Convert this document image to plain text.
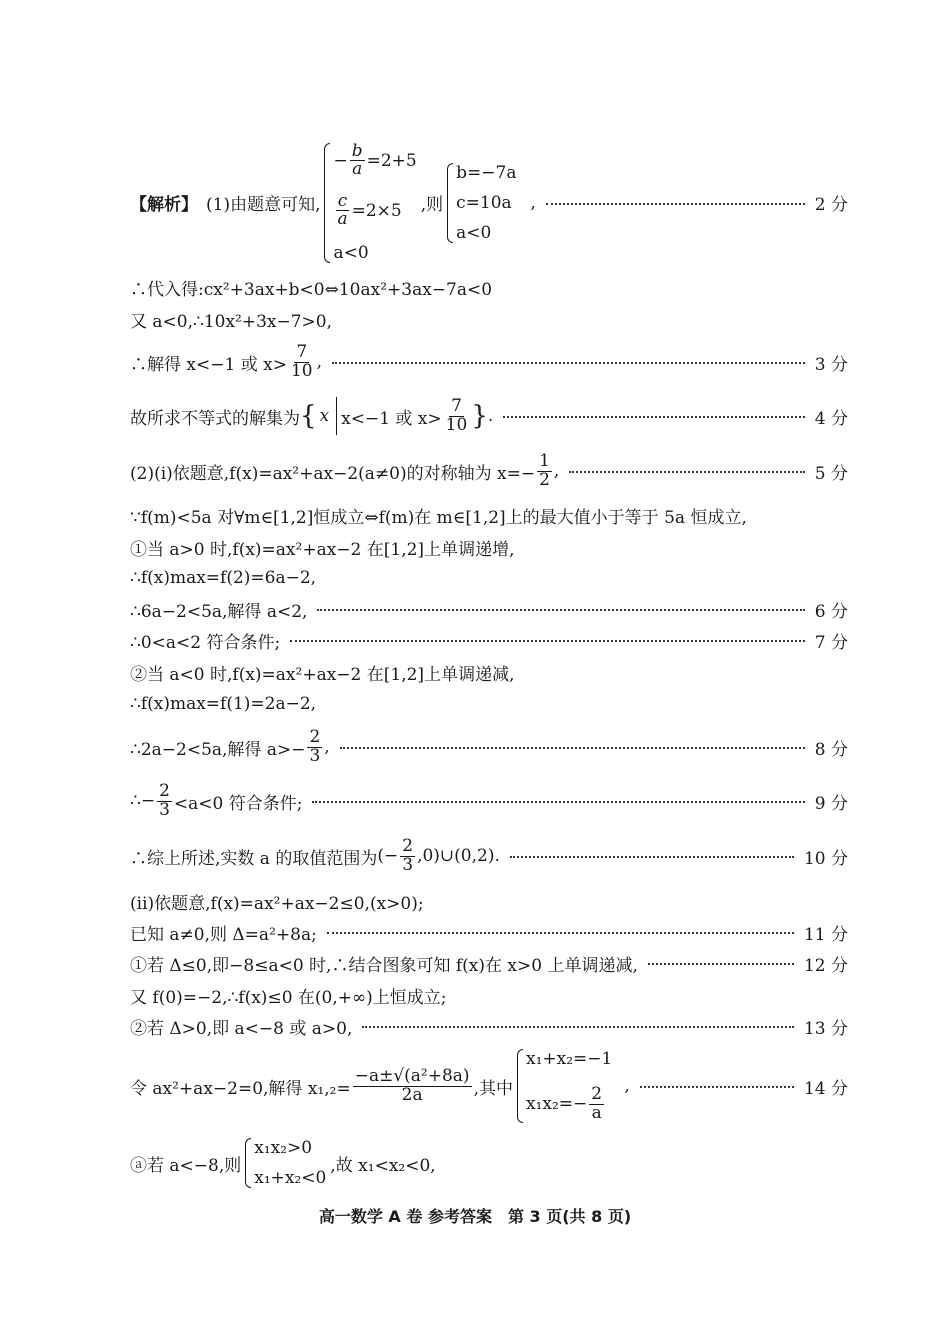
【解析】 (1)由题意可知,
− $\frac{b}{a} =2+5$
$\frac{c}{a} =2\times 5$
a<0
,则
b=−7a
c=10a
a<0
,	2 分
∴代入得:cx²+3ax+b<0⇔10ax²+3ax−7a<0
又 a<0,∴10x²+3x−7>0,
∴解得 x<−1 或 $x> \frac{7}{10}$ ,	3 分
故所求不等式的解集为 { x x<−1 或 $x> \frac{7}{10}$ } .	4 分
(2)(ⅰ)依题意,f(x)=ax²+ax−2(a≠0)的对称轴为 $x=- \frac{1}{2}$ ,	5 分
∵f(m)<5a 对∀m∈[1,2]恒成立⇔f(m)在 m∈[1,2]上的最大值小于等于 5a 恒成立,
①当 a>0 时,f(x)=ax²+ax−2 在[1,2]上单调递增,
∴f(x)max=f(2)=6a−2,
∴6a−2<5a,解得 a<2,	6 分
∴0<a<2 符合条件;	7 分
②当 a<0 时,f(x)=ax²+ax−2 在[1,2]上单调递减,
∴f(x)max=f(1)=2a−2,
∴2a−2<5a,解得 $a>- \frac{2}{3}$ ,	8 分
∴− $\frac{2}{3} <a<0$ 符合条件;	9 分
∴综上所述,实数 a 的取值范围为 (− $\frac{2}{3}$ ,0)∪(0,2).	10 分
(ⅱ)依题意,f(x)=ax²+ax−2≤0,(x>0);
已知 a≠0,则 Δ=a²+8a;	11 分
①若 Δ≤0,即−8≤a<0 时,∴结合图象可知 f(x)在 x>0 上单调递减,	12 分
又 f(0)=−2,∴f(x)≤0 在(0,+∞)上恒成立;
②若 Δ>0,即 a<−8 或 a>0,	13 分
令 ax²+ax−2=0,解得 $x_1,_2= \frac{\text{−a±√(a²+8a)}}{2a}$ ,其中
x₁+x₂=−1
$x_1x_2=- \frac{2}{a}$
,	14 分
ⓐ若 a<−8,则
x₁x₂>0
x₁+x₂<0
,故 x₁<x₂<0,
高一数学 A 卷 参考答案　第 3 页(共 8 页)
